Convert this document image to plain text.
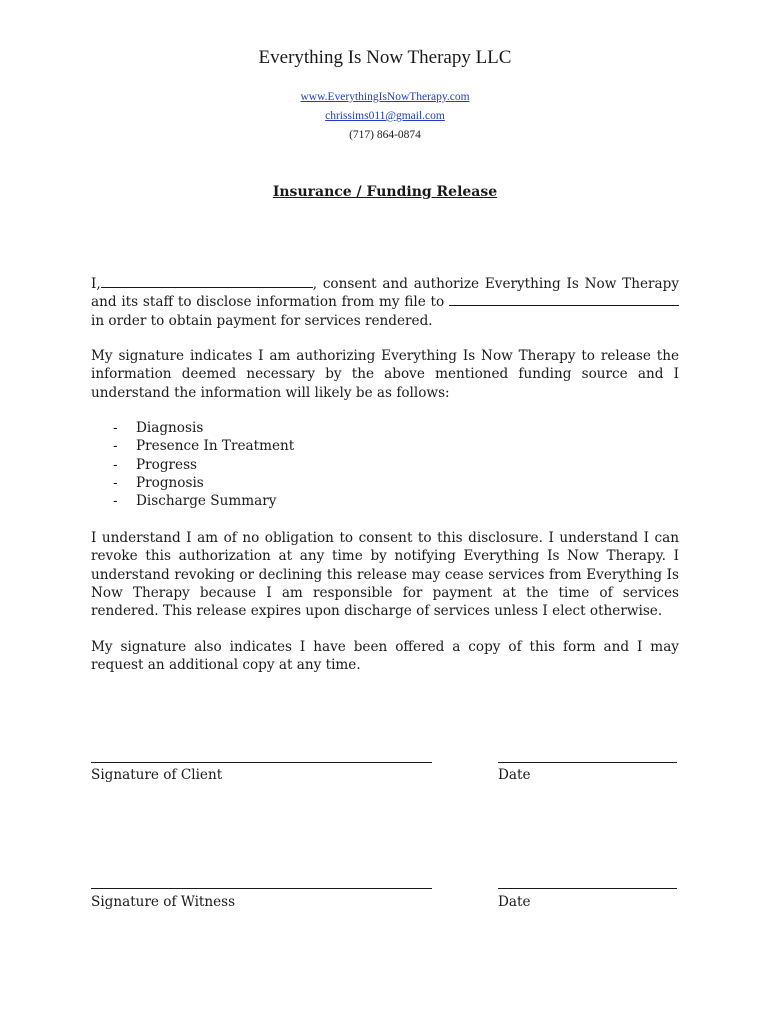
Everything Is Now Therapy LLC
www.EverythingIsNowTherapy.com
chrissims011@gmail.com
(717) 864-0874
Insurance / Funding Release
I,	, consent and authorize Everything Is Now Therapy and its staff to disclose information from my file to  in order to obtain payment for services rendered.
My signature indicates I am authorizing Everything Is Now Therapy to release the information deemed necessary by the above mentioned funding source and I understand the information will likely be as follows:
- Diagnosis
- Presence In Treatment
- Progress
- Prognosis
- Discharge Summary
I understand I am of no obligation to consent to this disclosure. I understand I can revoke this authorization at any time by notifying Everything Is Now Therapy. I understand revoking or declining this release may cease services from Everything Is Now Therapy because I am responsible for payment at the time of services rendered. This release expires upon discharge of services unless I elect otherwise.
My signature also indicates I have been offered a copy of this form and I may request an additional copy at any time.
Signature of Client	Date
Signature of Witness	Date
